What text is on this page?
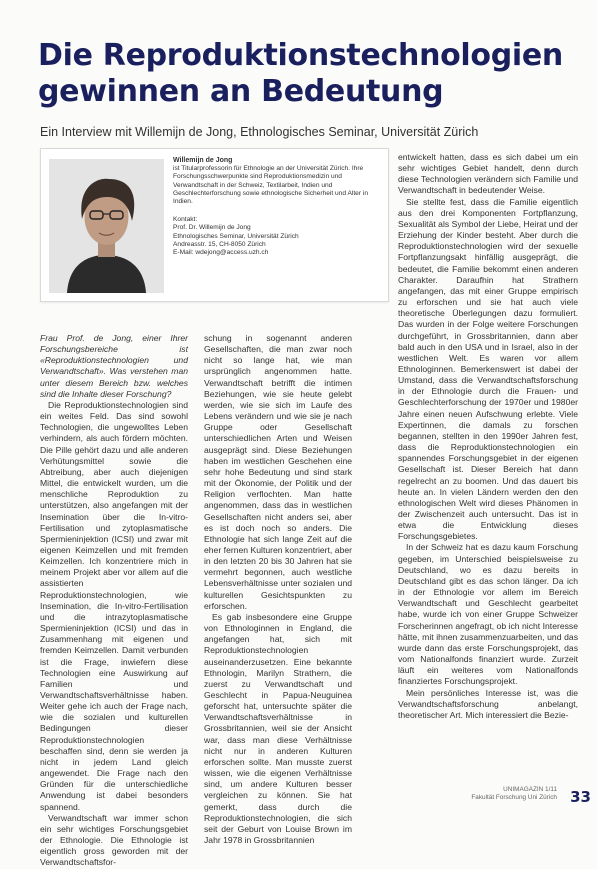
Die Reproduktionstechnologien
gewinnen an Bedeutung
Ein Interview mit Willemijn de Jong, Ethnologisches Seminar, Universität Zürich
Willemijn de Jong
ist Titularprofessorin für Ethnologie an der Universität Zürich. Ihre Forschungsschwerpunkte sind Reproduktionsmedizin und Verwandtschaft in der Schweiz, Textilarbeit, Indien und Geschlechterforschung sowie ethnologische Sicherheit und Alter in Indien.
Kontakt:
Prof. Dr. Willemijn de Jong
Ethnologisches Seminar, Universität Zürich
Andreasstr. 15, CH-8050 Zürich
E-Mail: wdejong@access.uzh.ch

Frau Prof. de Jong, einer Ihrer Forschungsbereiche ist «Reproduktionstechnologien und Verwandtschaft». Was verstehen man unter diesem Bereich bzw. welches sind die Inhalte dieser Forschung?

Die Reproduktionstechnologien sind ein weites Feld. Das sind sowohl Technologien, die ungewolltes Leben verhindern, als auch fördern möchten. Die Pille gehört dazu und alle anderen Verhütungsmittel sowie die Abtreibung, aber auch diejenigen Mittel, die entwickelt wurden, um die menschliche Reproduktion zu unterstützen, also angefangen mit der Insemination über die In-vitro-Fertilisation und zytoplasmatische Spermieninjektion (ICSI) und zwar mit eigenen Keimzellen und mit fremden Keimzellen. Ich konzentriere mich in meinem Projekt aber vor allem auf die assistierten Reproduktionstechnologien, wie Insemination, die In-vitro-Fertilisation und die intrazytoplasmatische Spermieninjektion (ICSI) und das in Zusammenhang mit eigenen und fremden Keimzellen. Damit verbunden ist die Frage, inwiefern diese Technologien eine Auswirkung auf Familien und Verwandtschaftsverhältnisse haben. Weiter gehe ich auch der Frage nach, wie die sozialen und kulturellen Bedingungen dieser Reproduktionstechnologien beschaffen sind, denn sie werden ja nicht in jedem Land gleich angewendet. Die Frage nach den Gründen für die unterschiedliche Anwendung ist dabei besonders spannend.
Verwandtschaft war immer schon ein sehr wichtiges Forschungsgebiet der Ethnologie. Die Ethnologie ist eigentlich gross geworden mit der Verwandtschaftsfor-

schung in sogenannt anderen Gesellschaften, die man zwar noch nicht so lange hat, wie man ursprünglich angenommen hatte. Verwandtschaft betrifft die intimen Beziehungen, wie sie heute gelebt werden, wie sie sich im Laufe des Lebens verändern und wie sie je nach Gruppe oder Gesellschaft unterschiedlichen Arten und Weisen ausgeprägt sind. Diese Beziehungen haben im westlichen Geschehen eine sehr hohe Bedeutung und sind stark mit der Ökonomie, der Politik und der Religion verflochten. Man hatte angenommen, dass das in westlichen Gesellschaften nicht anders sei, aber es ist doch noch so anders. Die Ethnologie hat sich lange Zeit auf die eher fernen Kulturen konzentriert, aber in den letzten 20 bis 30 Jahren hat sie vermehrt begonnen, auch westliche Lebensverhältnisse unter sozialen und kulturellen Gesichtspunkten zu erforschen.
Es gab insbesondere eine Gruppe von Ethnologinnen in England, die angefangen hat, sich mit Reproduktionstechnologien auseinanderzusetzen. Eine bekannte Ethnologin, Marilyn Strathern, die zuerst zu Verwandtschaft und Geschlecht in Papua-Neuguinea geforscht hat, untersuchte später die Verwandtschaftsverhältnisse in Grossbritannien, weil sie der Ansicht war, dass man diese Verhältnisse nicht nur in anderen Kulturen erforschen sollte. Man musste zuerst wissen, wie die eigenen Verhältnisse sind, um andere Kulturen besser vergleichen zu können. Sie hat gemerkt, dass durch die Reproduktionstechnologien, die sich seit der Geburt von Louise Brown im Jahr 1978 in Grossbritannien

entwickelt hatten, dass es sich dabei um ein sehr wichtiges Gebiet handelt, denn durch diese Technologien verändern sich Familie und Verwandtschaft in bedeutender Weise.

Sie stellte fest, dass die Familie eigentlich aus den drei Komponenten Fortpflanzung, Sexualität als Symbol der Liebe, Heirat und der Erziehung der Kinder besteht. Aber durch die Reproduktionstechnologien wird der sexuelle Fortpflanzungsakt hinfällig ausgeprägt, die bedeutet, die Familie bekommt einen anderen Charakter. Daraufhin hat Strathern angefangen, das mit einer Gruppe empirisch zu erforschen und sie hat auch viele theoretische Überlegungen dazu formuliert. Das wurden in der Folge weitere Forschungen durchgeführt, in Grossbritannien, dann aber bald auch in den USA und in Israel, also in der westlichen Welt. Es waren vor allem Ethnologinnen. Bemerkenswert ist dabei der Umstand, dass die Verwandtschaftsforschung in der Ethnologie durch die Frauen- und Geschlechterforschung der 1970er und 1980er Jahre einen neuen Aufschwung erlebte. Viele Expertinnen, die damals zu forschen begannen, stellten in den 1990er Jahren fest, dass die Reproduktionstechnologien ein spannendes Forschungsgebiet in der eigenen Gesellschaft ist. Dieser Bereich hat dann regelrecht an zu boomen. Und das dauert bis heute an. In vielen Ländern werden den den ethnologischen Welt wird dieses Phänomen in der Zwischenzeit auch untersucht. Das ist in etwa die Entwicklung dieses Forschungsgebietes.

In der Schweiz hat es dazu kaum Forschung gegeben, im Unterschied beispielsweise zu Deutschland, wo es dazu bereits in Deutschland gibt es das schon länger. Da ich in der Ethnologie vor allem im Bereich Verwandtschaft und Geschlecht gearbeitet habe, wurde ich von einer Gruppe Schweizer Forscherinnen angefragt, ob ich nicht Interesse hätte, mit ihnen zusammenzuarbeiten, und das wurde dann das erste Forschungsprojekt, das vom Nationalfonds finanziert wurde. Zurzeit läuft ein weiteres vom Nationalfonds finanziertes Forschungsprojekt.

Mein persönliches Interesse ist, was die Verwandtschaftsforschung anbelangt, theoretischer Art. Mich interessiert die Bezie-

UNIMAGAZIN 1/11
Fakultät Forschung Uni Zürich 33
